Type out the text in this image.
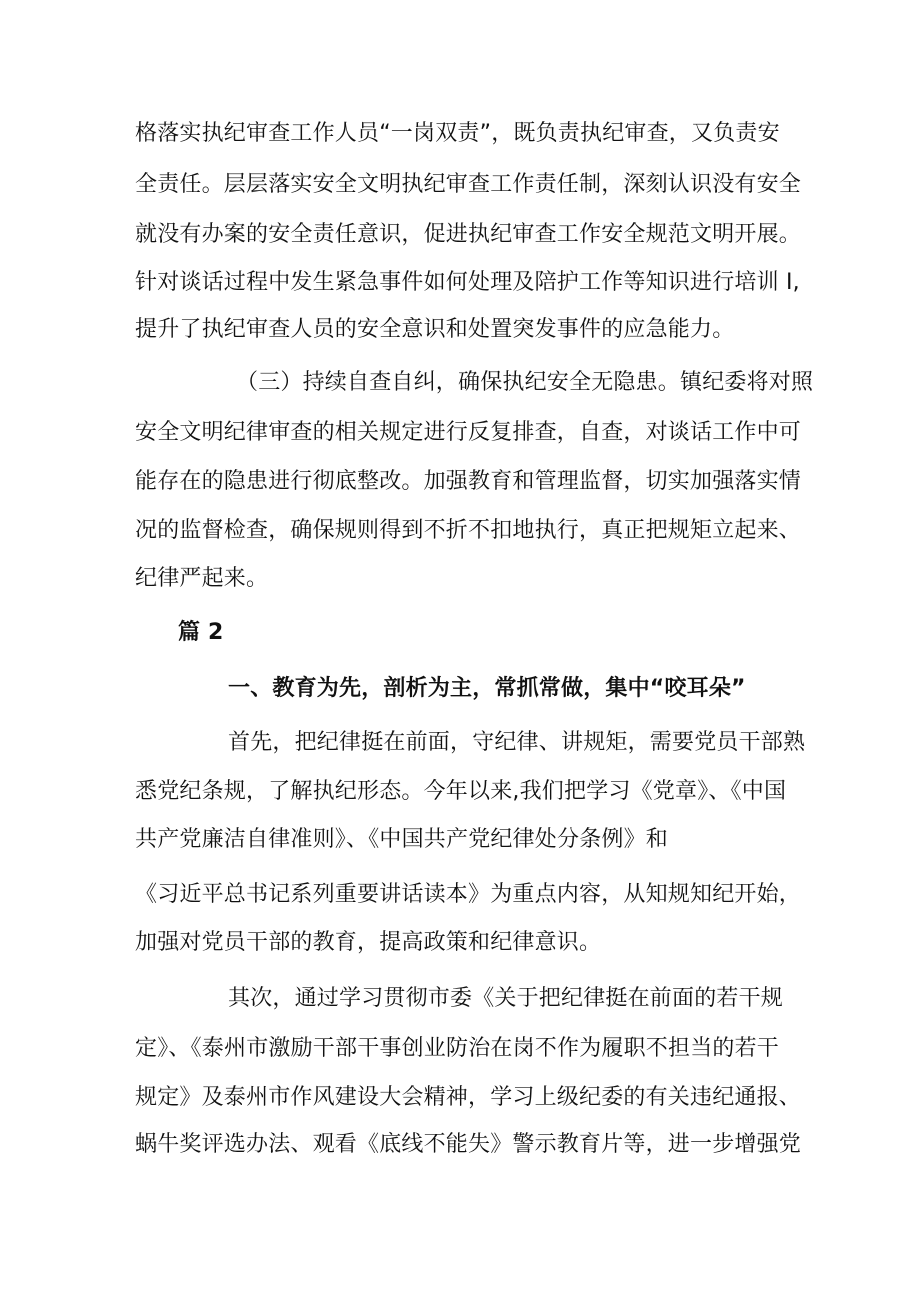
格落实执纪审查工作人员“一岗双责”，既负责执纪审查，又负责安
全责任。层层落实安全文明执纪审查工作责任制，深刻认识没有安全
就没有办案的安全责任意识，促进执纪审查工作安全规范文明开展。
针对谈话过程中发生紧急事件如何处理及陪护工作等知识进行培训 I,
提升了执纪审查人员的安全意识和处置突发事件的应急能力。
（三）持续自查自纠，确保执纪安全无隐患。镇纪委将对照
安全文明纪律审查的相关规定进行反复排查，自查，对谈话工作中可
能存在的隐患进行彻底整改。加强教育和管理监督，切实加强落实情
况的监督检查，确保规则得到不折不扣地执行，真正把规矩立起来、
纪律严起来。
篇 2
一、教育为先，剖析为主，常抓常做，集中“咬耳朵”
首先，把纪律挺在前面，守纪律、讲规矩，需要党员干部熟
悉党纪条规，了解执纪形态。今年以来,我们把学习《党章》、《中国
共产党廉洁自律准则》、《中国共产党纪律处分条例》和
《习近平总书记系列重要讲话读本》为重点内容，从知规知纪开始，
加强对党员干部的教育，提高政策和纪律意识。
其次，通过学习贯彻市委《关于把纪律挺在前面的若干规
定》、《泰州市激励干部干事创业防治在岗不作为履职不担当的若干
规定》及泰州市作风建设大会精神，学习上级纪委的有关违纪通报、
蜗牛奖评选办法、观看《底线不能失》警示教育片等，进一步增强党
